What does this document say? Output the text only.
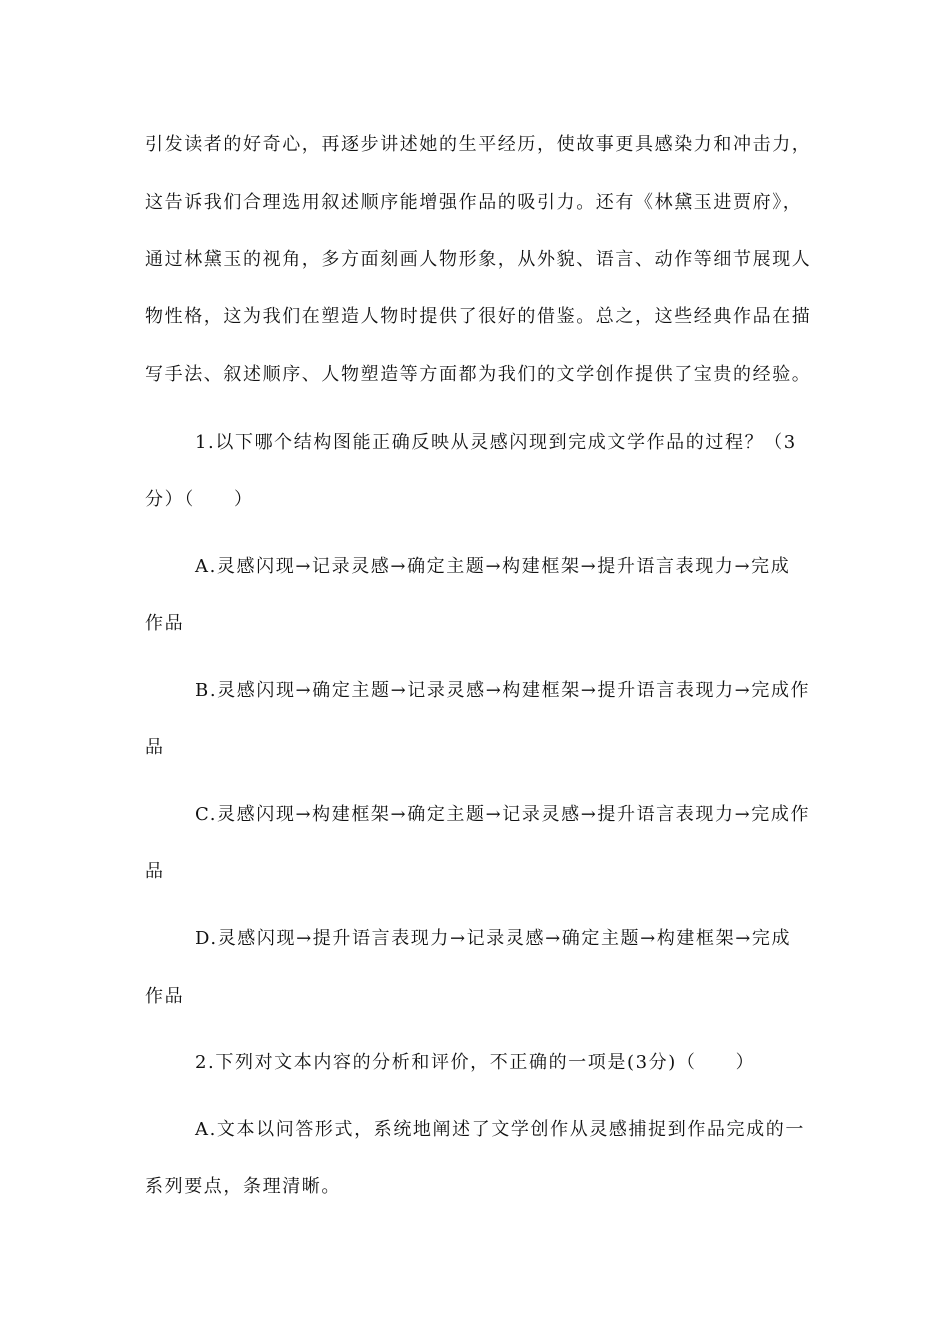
引发读者的好奇心，再逐步讲述她的生平经历，使故事更具感染力和冲击力，
这告诉我们合理选用叙述顺序能增强作品的吸引力。还有《林黛玉进贾府》，
通过林黛玉的视角，多方面刻画人物形象，从外貌、语言、动作等细节展现人
物性格，这为我们在塑造人物时提供了很好的借鉴。总之，这些经典作品在描
写手法、叙述顺序、人物塑造等方面都为我们的文学创作提供了宝贵的经验。
1.以下哪个结构图能正确反映从灵感闪现到完成文学作品的过程？（3
分）（　　）
A.灵感闪现→记录灵感→确定主题→构建框架→提升语言表现力→完成
作品
B.灵感闪现→确定主题→记录灵感→构建框架→提升语言表现力→完成作
品
C.灵感闪现→构建框架→确定主题→记录灵感→提升语言表现力→完成作
品
D.灵感闪现→提升语言表现力→记录灵感→确定主题→构建框架→完成
作品
2.下列对文本内容的分析和评价，不正确的一项是(3分)（　　）
A.文本以问答形式，系统地阐述了文学创作从灵感捕捉到作品完成的一
系列要点，条理清晰。
